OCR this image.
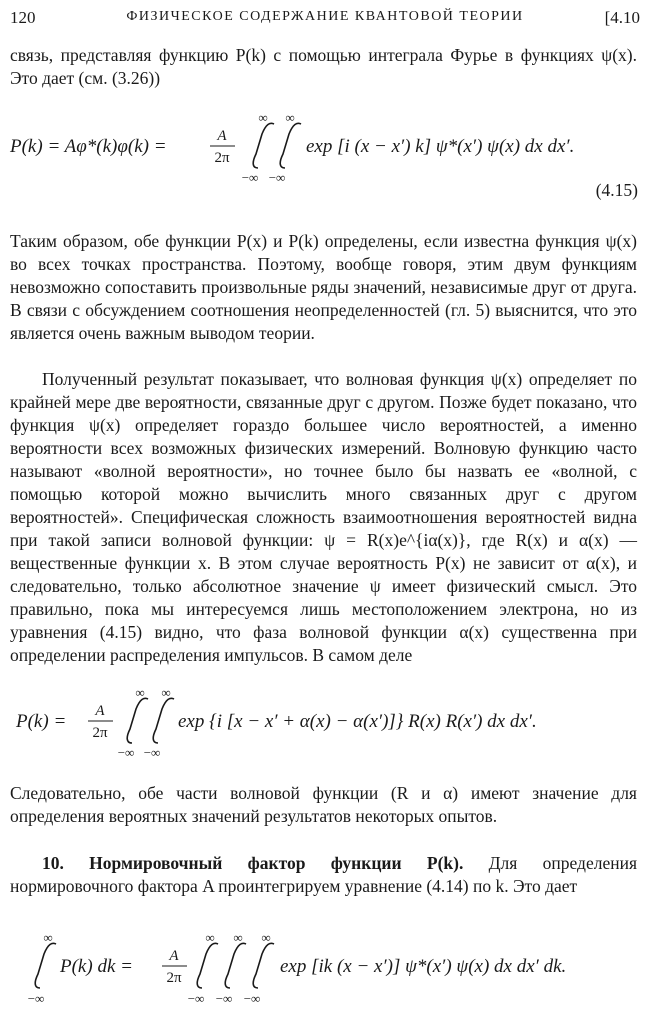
120	ФИЗИЧЕСКОЕ СОДЕРЖАНИЕ КВАНТОВОЙ ТЕОРИИ	[4.10

связь, представляя функцию P(k) с помощью интеграла Фурье в функциях ψ(x). Это дает (см. (3.26))

P(k) = Aφ*(k)φ(k) =	A
2π
∞
−∞
∞
−∞
exp [i (x − x′) k] ψ*(x′) ψ(x) dx dx′.
(4.15)

Таким образом, обе функции P(x) и P(k) определены, если известна функция ψ(x) во всех точках пространства. Поэтому, вообще говоря, этим двум функциям невозможно сопоставить произвольные ряды значений, независимые друг от друга. В связи с обсуждением соотношения неопределенностей (гл. 5) выяснится, что это является очень важным выводом теории.

Полученный результат показывает, что волновая функция ψ(x) определяет по крайней мере две вероятности, связанные друг с другом. Позже будет показано, что функция ψ(x) определяет гораздо большее число вероятностей, а именно вероятности всех возможных физических измерений. Волновую функцию часто называют «волной вероятности», но точнее было бы назвать ее «волной, с помощью которой можно вычислить много связанных друг с другом вероятностей». Специфическая сложность взаимоотношения вероятностей видна при такой записи волновой функции: ψ = R(x)e^{iα(x)}, где R(x) и α(x) — вещественные функции x. В этом случае вероятность P(x) не зависит от α(x), и следовательно, только абсолютное значение ψ имеет физический смысл. Это правильно, пока мы интересуемся лишь местоположением электрона, но из уравнения (4.15) видно, что фаза волновой функции α(x) существенна при определении распределения импульсов. В самом деле

P(k) = A
2π
∞
−∞
∞
−∞
exp {i [x − x′ + α(x) − α(x′)]} R(x) R(x′) dx dx′.

Следовательно, обе части волновой функции (R и α) имеют значение для определения вероятных значений результатов некоторых опытов.

10. Нормировочный фактор функции P(k). Для определения нормировочного фактора A проинтегрируем уравнение (4.14) по k. Это дает

∞
−∞
P(k) dk = A
2π
∞
−∞
∞
−∞
∞
−∞
exp [ik (x − x′)] ψ*(x′) ψ(x) dx dx′ dk.
